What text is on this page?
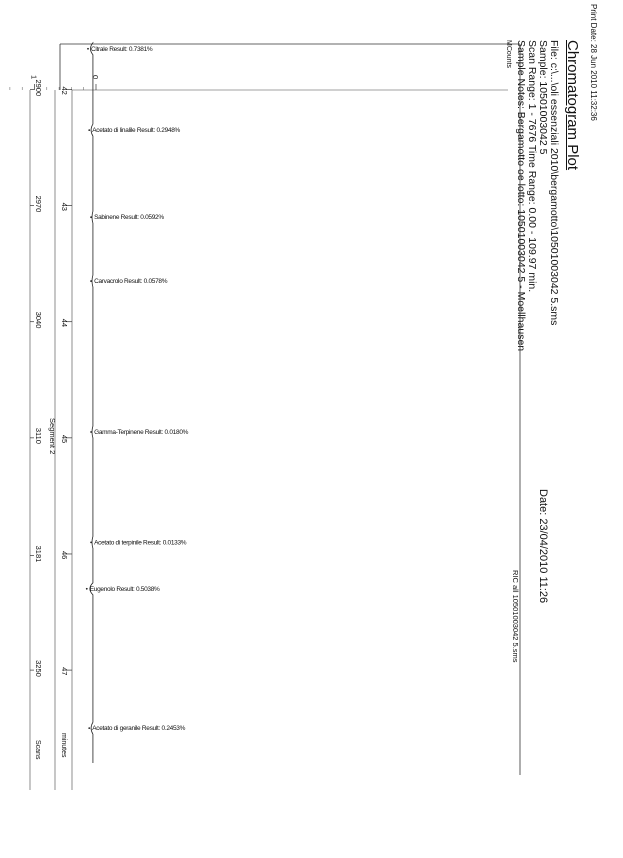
Print Date: 28 Jun 2010 11:32:36
Chromatogram Plot
File: c:\...\oli essenziali 2010\bergamotto\10501003042 5.sms
Sample: 10501003042 5
Scan Range: 1 - 7676 Time Range: 0.00 - 109.97 min.
Sample Notes: Bergamotto oe lotto: 10501003042 5 - Moellhausen
Date: 23/04/2010 11:26
RIC all 10501003042 5.sms
MCounts
0
1
42
43
44
45
46
47
minutes
2900
2970
3040
3110
3181
3250
Scans
Segment 2
Citrale Result: 0.7381%
Acetato di linalile Result: 0.2948%
Sabinene Result: 0.0592%
Carvacrolo Result: 0.0578%
Gamma-Terpinene Result: 0.0180%
Acetato di terpinile Result: 0.0133%
Eugenolo Result: 0.5038%
Acetato di geranile Result: 0.2453%
